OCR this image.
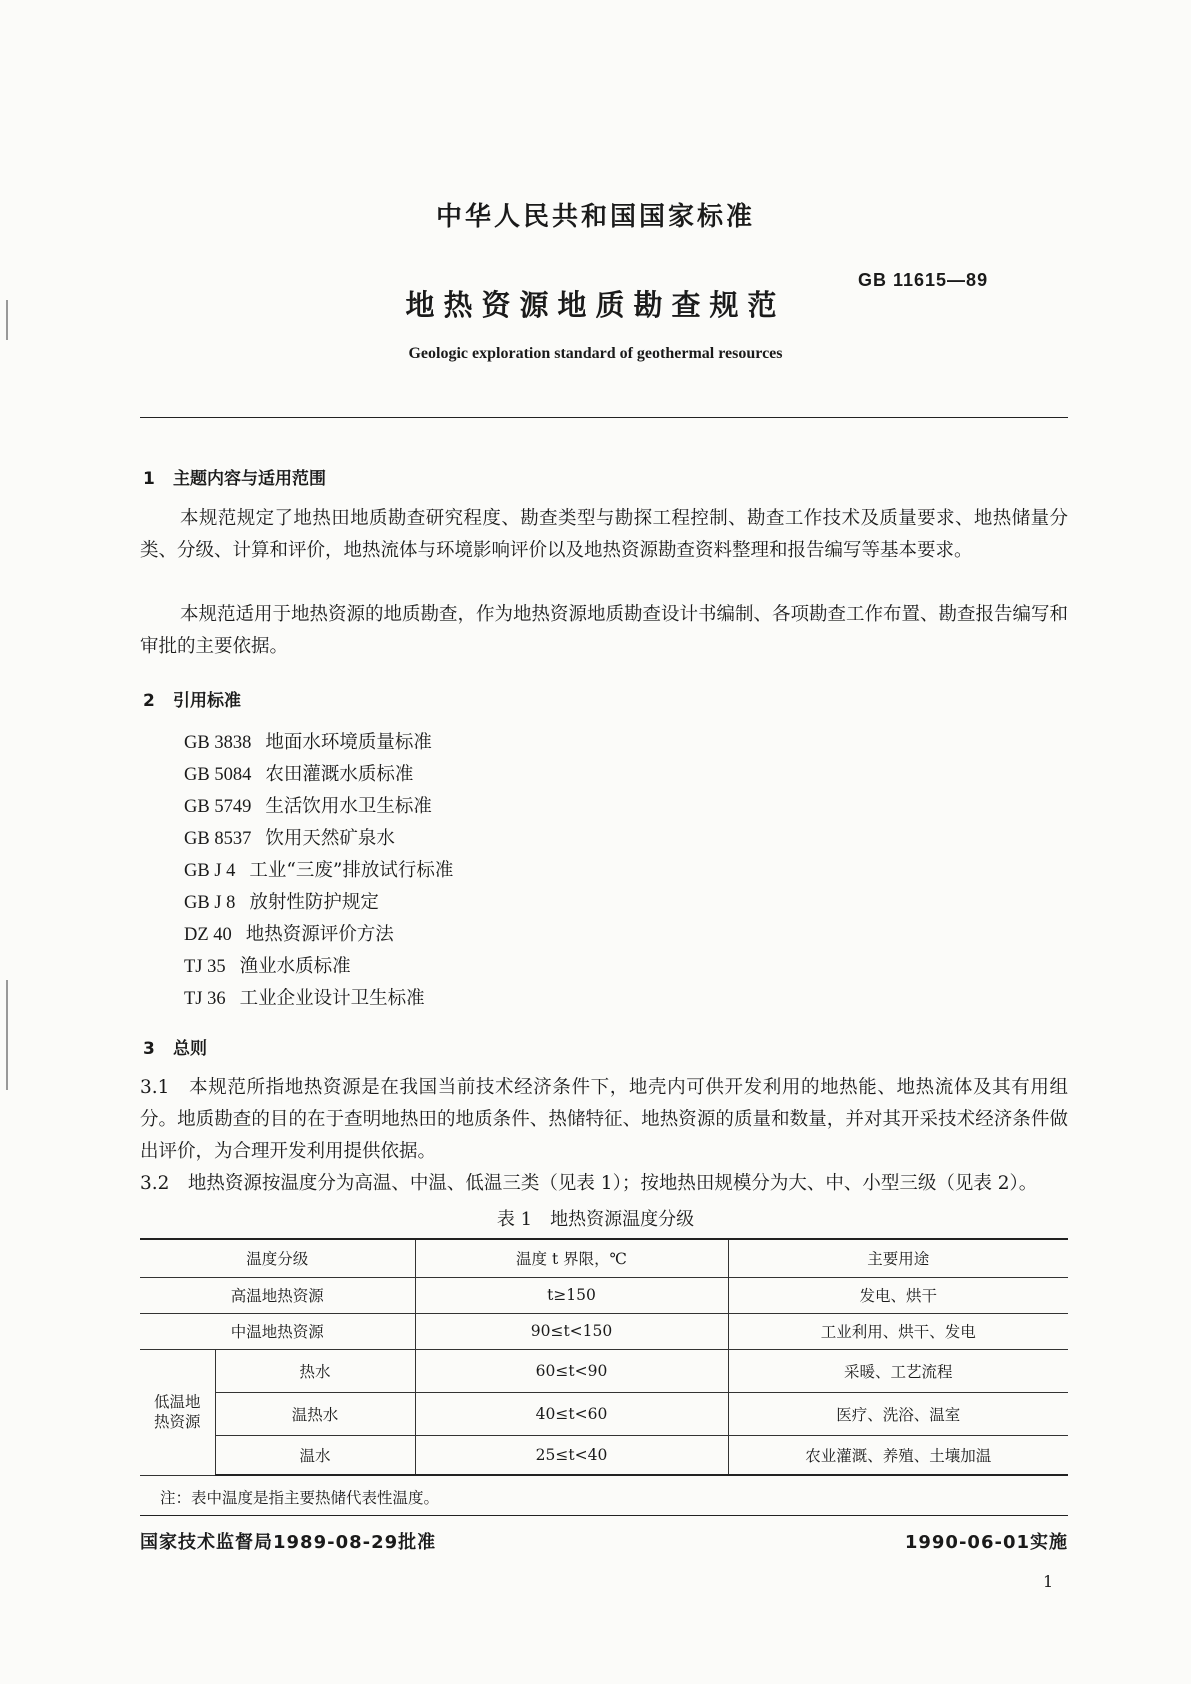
中华人民共和国国家标准
GB 11615—89
地热资源地质勘查规范
Geologic exploration standard of geothermal resources
1 主题内容与适用范围
本规范规定了地热田地质勘查研究程度、勘查类型与勘探工程控制、勘查工作技术及质量要求、地热储量分类、分级、计算和评价，地热流体与环境影响评价以及地热资源勘查资料整理和报告编写等基本要求。
本规范适用于地热资源的地质勘查，作为地热资源地质勘查设计书编制、各项勘查工作布置、勘查报告编写和审批的主要依据。
2 引用标准
GB 3838 地面水环境质量标准
GB 5084 农田灌溉水质标准
GB 5749 生活饮用水卫生标准
GB 8537 饮用天然矿泉水
GB J 4 工业“三废”排放试行标准
GB J 8 放射性防护规定
DZ 40 地热资源评价方法
TJ 35 渔业水质标准
TJ 36 工业企业设计卫生标准
3 总则
3.1　本规范所指地热资源是在我国当前技术经济条件下，地壳内可供开发利用的地热能、地热流体及其有用组分。地质勘查的目的在于查明地热田的地质条件、热储特征、地热资源的质量和数量，并对其开采技术经济条件做出评价，为合理开发利用提供依据。
3.2　地热资源按温度分为高温、中温、低温三类（见表 1）；按地热田规模分为大、中、小型三级（见表 2）。
表 1　地热资源温度分级
温度分级		温度 t 界限，℃	主要用途
高温地热资源		t≥150	发电、烘干
中温地热资源		90≤t<150	工业利用、烘干、发电
低温地热资源	热水	60≤t<90	采暖、工艺流程
	温热水	40≤t<60	医疗、洗浴、温室
	温水	25≤t<40	农业灌溉、养殖、土壤加温
注：表中温度是指主要热储代表性温度。
国家技术监督局1989-08-29批准	1990-06-01实施
1
